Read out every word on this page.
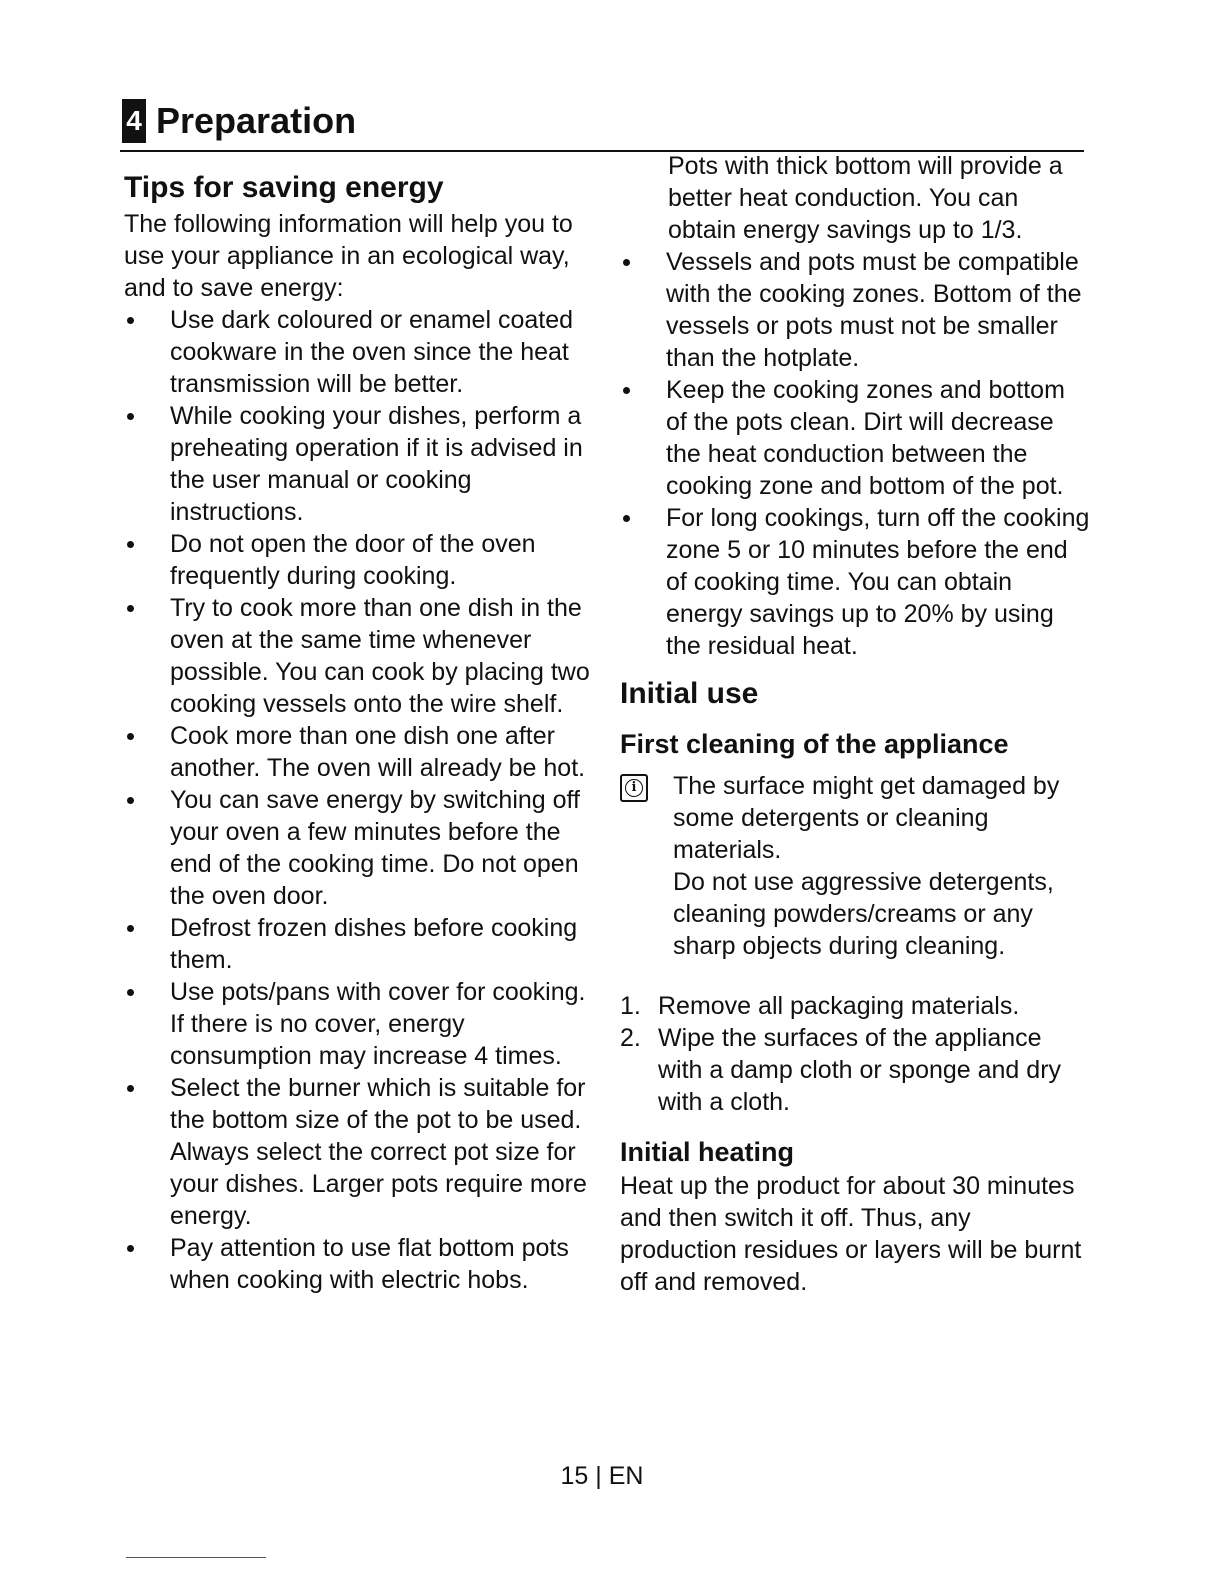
4 Preparation
Tips for saving energy

The following information will help you to use your appliance in an ecological way, and to save energy:

Use dark coloured or enamel coated cookware in the oven since the heat transmission will be better.
While cooking your dishes, perform a preheating operation if it is advised in the user manual or cooking instructions.
Do not open the door of the oven frequently during cooking.
Try to cook more than one dish in the oven at the same time whenever possible. You can cook by placing two cooking vessels onto the wire shelf.
Cook more than one dish one after another. The oven will already be hot.
You can save energy by switching off your oven a few minutes before the end of the cooking time. Do not open the oven door.
Defrost frozen dishes before cooking them.
Use pots/pans with cover for cooking. If there is no cover, energy consumption may increase 4 times.
Select the burner which is suitable for the bottom size of the pot to be used. Always select the correct pot size for your dishes. Larger pots require more energy.
Pay attention to use flat bottom pots when cooking with electric hobs.

Pots with thick bottom will provide a better heat conduction. You can obtain energy savings up to 1/3.

Vessels and pots must be compatible with the cooking zones. Bottom of the vessels or pots must not be smaller than the hotplate.
Keep the cooking zones and bottom of the pots clean. Dirt will decrease the heat conduction between the cooking zone and bottom of the pot.
For long cookings, turn off the cooking zone 5 or 10 minutes before the end of cooking time. You can obtain energy savings up to 20% by using the residual heat.
Initial use
First cleaning of the appliance
i The surface might get damaged by some detergents or cleaning materials.

Do not use aggressive detergents, cleaning powders/creams or any sharp objects during cleaning.

1. Remove all packaging materials.
2. Wipe the surfaces of the appliance with a damp cloth or sponge and dry with a cloth.
Initial heating

Heat up the product for about 30 minutes and then switch it off. Thus, any production residues or layers will be burnt off and removed.

15 | EN
